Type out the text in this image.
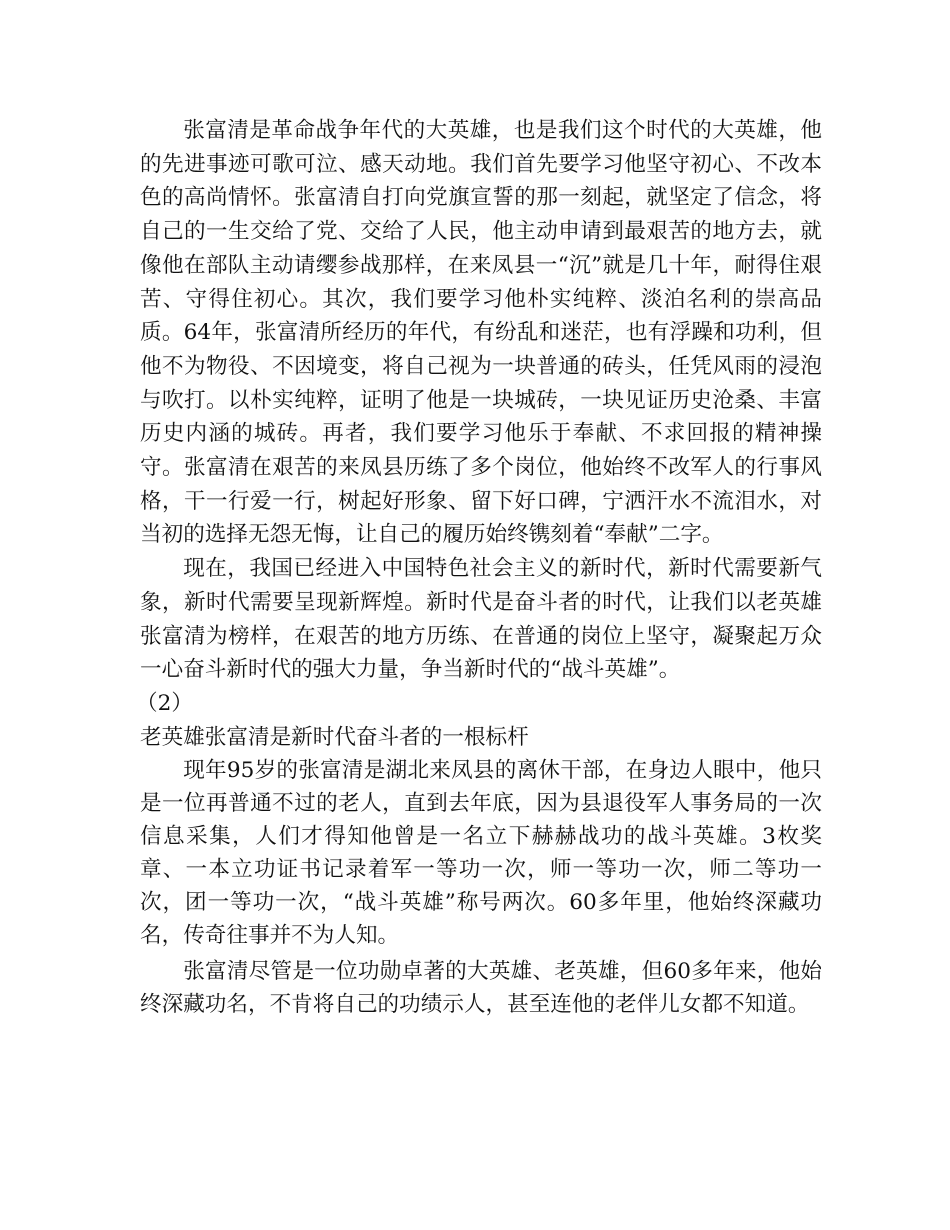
张富清是革命战争年代的大英雄，也是我们这个时代的大英雄，他的先进事迹可歌可泣、感天动地。我们首先要学习他坚守初心、不改本色的高尚情怀。张富清自打向党旗宣誓的那一刻起，就坚定了信念，将自己的一生交给了党、交给了人民，他主动申请到最艰苦的地方去，就像他在部队主动请缨参战那样，在来凤县一“沉”就是几十年，耐得住艰苦、守得住初心。其次，我们要学习他朴实纯粹、淡泊名利的崇高品质。64年，张富清所经历的年代，有纷乱和迷茫，也有浮躁和功利，但他不为物役、不因境变，将自己视为一块普通的砖头，任凭风雨的浸泡与吹打。以朴实纯粹，证明了他是一块城砖，一块见证历史沧桑、丰富历史内涵的城砖。再者，我们要学习他乐于奉献、不求回报的精神操守。张富清在艰苦的来凤县历练了多个岗位，他始终不改军人的行事风格，干一行爱一行，树起好形象、留下好口碑，宁洒汗水不流泪水，对当初的选择无怨无悔，让自己的履历始终镌刻着“奉献”二字。

现在，我国已经进入中国特色社会主义的新时代，新时代需要新气象，新时代需要呈现新辉煌。新时代是奋斗者的时代，让我们以老英雄张富清为榜样，在艰苦的地方历练、在普通的岗位上坚守，凝聚起万众一心奋斗新时代的强大力量，争当新时代的“战斗英雄”。

（2）

老英雄张富清是新时代奋斗者的一根标杆

现年95岁的张富清是湖北来凤县的离休干部，在身边人眼中，他只是一位再普通不过的老人，直到去年底，因为县退役军人事务局的一次信息采集，人们才得知他曾是一名立下赫赫战功的战斗英雄。3枚奖章、一本立功证书记录着军一等功一次，师一等功一次，师二等功一次，团一等功一次，“战斗英雄”称号两次。60多年里，他始终深藏功名，传奇往事并不为人知。

张富清尽管是一位功勋卓著的大英雄、老英雄，但60多年来，他始终深藏功名，不肯将自己的功绩示人，甚至连他的老伴儿女都不知道。
